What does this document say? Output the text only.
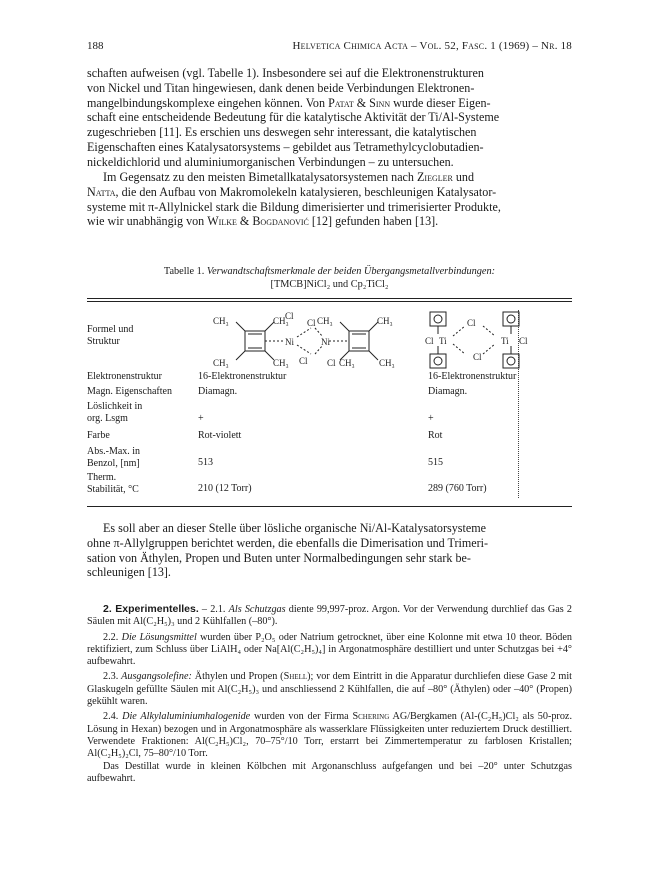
188	Helvetica Chimica Acta – Vol. 52, Fasc. 1 (1969) – Nr. 18
schaften aufweisen (vgl. Tabelle 1). Insbesondere sei auf die Elektronenstrukturen
von Nickel und Titan hingewiesen, dank denen beide Verbindungen Elektronen-
mangelbindungskomplexe eingehen können. Von Patat & Sinn wurde dieser Eigen-
schaft eine entscheidende Bedeutung für die katalytische Aktivität der Ti/Al-Systeme
zugeschrieben [11]. Es erschien uns deswegen sehr interessant, die katalytischen
Eigenschaften eines Katalysatorsystems – gebildet aus Tetramethylcyclobutadien-
nickeldichlorid und aluminiumorganischen Verbindungen – zu untersuchen.
Im Gegensatz zu den meisten Bimetallkatalysatorsystemen nach Ziegler und
Natta, die den Aufbau von Makromolekeln katalysieren, beschleunigen Katalysator-
systeme mit π-Allylnickel stark die Bildung dimerisierter und trimerisierter Produkte,
wie wir unabhängig von Wilke & Bogdanović [12] gefunden haben [13].
Tabelle 1. Verwandtschaftsmerkmale der beiden Übergangsmetallverbindungen:
[TMCB]NiCl₂ und Cp₂TiCl₂
Formel und
Struktur
CH₃	CH₃
CH₃	CH₃
Ni
Cl
Cl
Cl
Ni
Cl
CH₃	CH₃
CH₃	CH₃
Cl Ti
Cl
Cl
Ti Cl
Elektronenstruktur	16-Elektronenstruktur	16-Elektronenstruktur
Magn. Eigenschaften	Diamagn.	Diamagn.
Löslichkeit in
org. Lsgm	+	+
Farbe	Rot-violett	Rot
Abs.-Max. in
Benzol, [nm]	513	515
Therm.
Stabilität, °C	210 (12 Torr)	289 (760 Torr)
Es soll aber an dieser Stelle über lösliche organische Ni/Al-Katalysatorsysteme
ohne π-Allylgruppen berichtet werden, die ebenfalls die Dimerisation und Trimeri-
sation von Äthylen, Propen und Buten unter Normalbedingungen sehr stark be-
schleunigen [13].

2. Experimentelles. – 2.1. Als Schutzgas diente 99,997-proz. Argon. Vor der Verwendung durchlief das Gas 2 Säulen mit Al(C₂H₅)₃ und 2 Kühlfallen (–80°).

2.2. Die Lösungsmittel wurden über P₂O₅ oder Natrium getrocknet, über eine Kolonne mit etwa 10 theor. Böden rektifiziert, zum Schluss über LiAlH₄ oder Na[Al(C₂H₅)₄] in Argonatmosphäre destilliert und unter Schutzgas bei +4° aufbewahrt.

2.3. Ausgangsolefine: Äthylen und Propen (Shell); vor dem Eintritt in die Apparatur durchliefen diese Gase 2 mit Glaskugeln gefüllte Säulen mit Al(C₂H₅)₃ und anschliessend 2 Kühlfallen, die auf –80° (Äthylen) oder –40° (Propen) gekühlt waren.

2.4. Die Alkylaluminiumhalogenide wurden von der Firma Schering AG/Bergkamen (Al-(C₂H₅)Cl₂ als 50-proz. Lösung in Hexan) bezogen und in Argonatmosphäre als wasserklare Flüssigkeiten unter reduziertem Druck destilliert. Verwendete Fraktionen: Al(C₂H₅)Cl₂, 70–75°/10 Torr, erstarrt bei Zimmertemperatur zu farblosen Kristallen; Al(C₂H₅)₂Cl, 75–80°/10 Torr.

Das Destillat wurde in kleinen Kölbchen mit Argonanschluss aufgefangen und bei –20° unter Schutzgas aufbewahrt.
